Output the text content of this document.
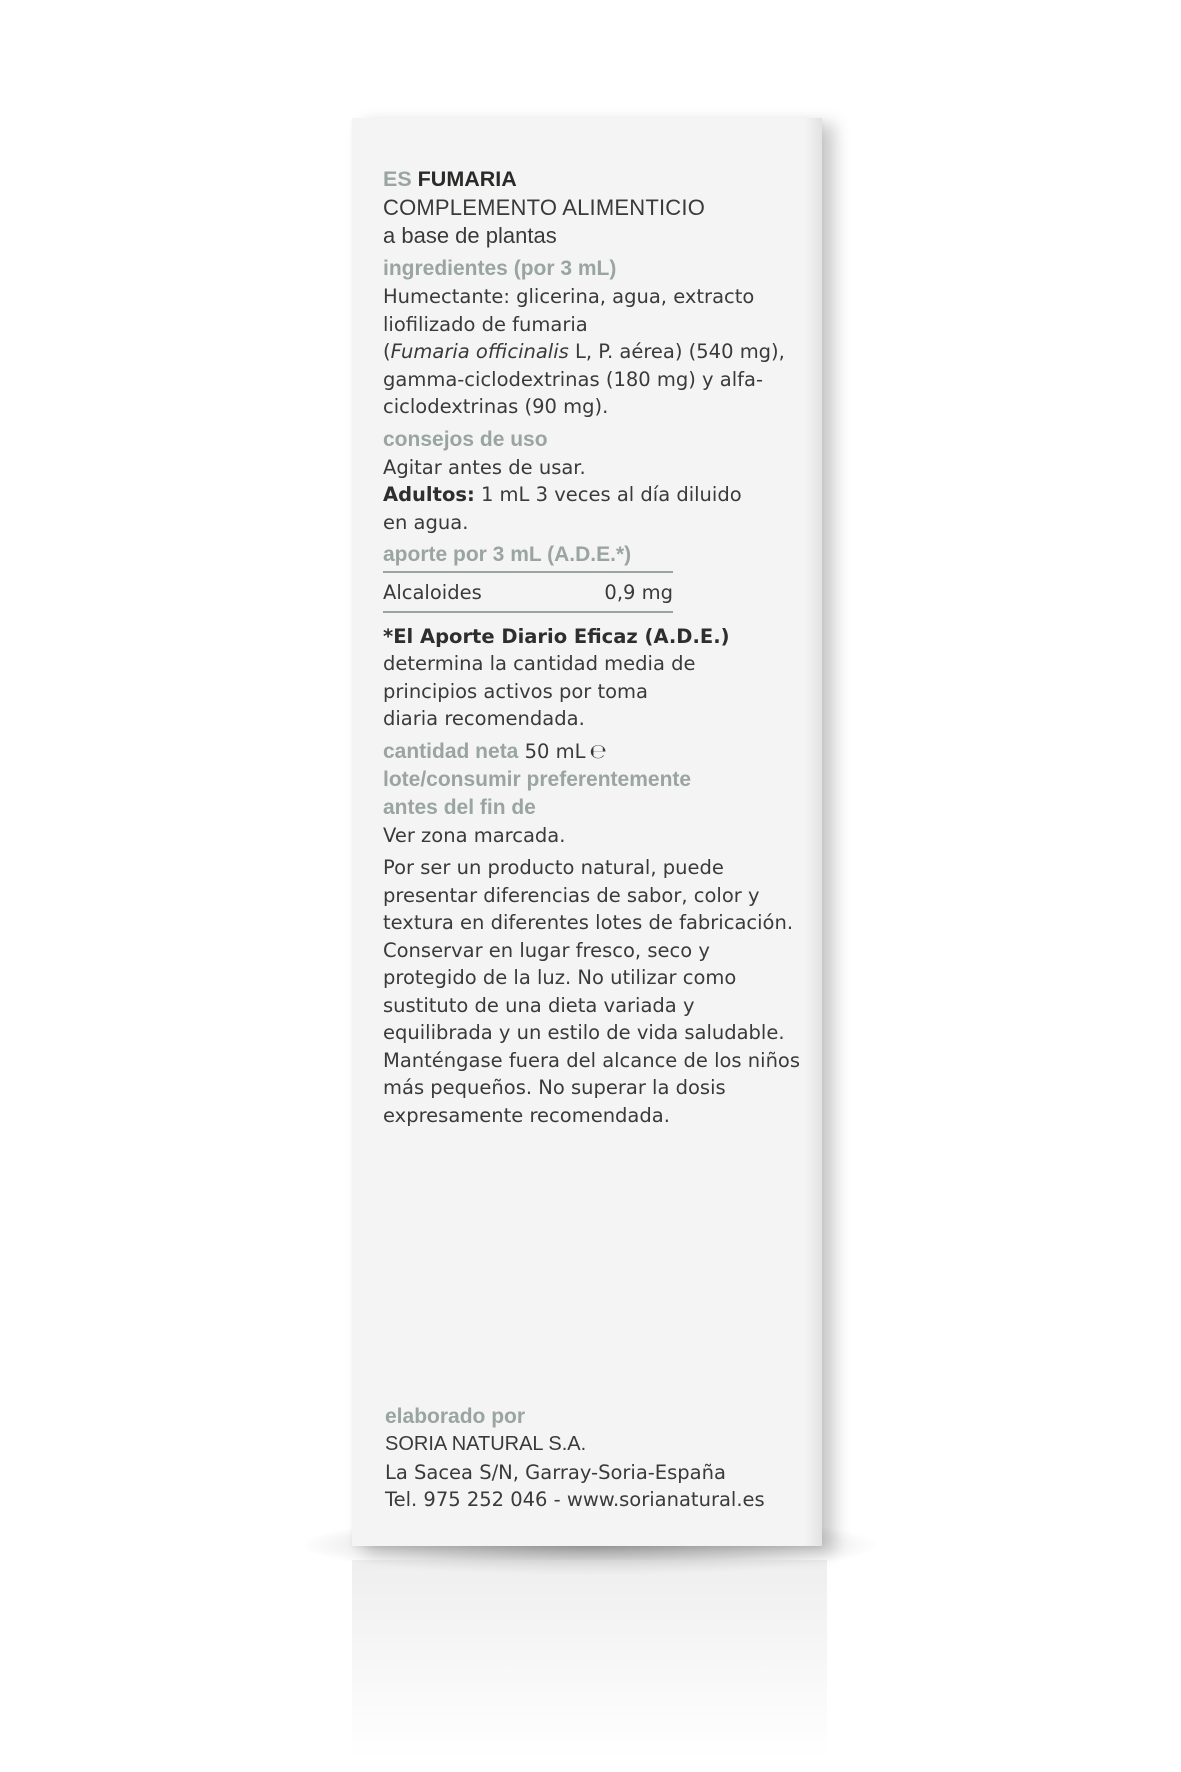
ES FUMARIA

COMPLEMENTO ALIMENTICIO

a base de plantas

ingredientes (por 3 mL)

Humectante: glicerina, agua, extracto

liofilizado de fumaria

(Fumaria officinalis L, P. aérea) (540 mg),

gamma-ciclodextrinas (180 mg) y alfa-

ciclodextrinas (90 mg).

consejos de uso

Agitar antes de usar.

Adultos: 1 mL 3 veces al día diluido

en agua.

aporte por 3 mL (A.D.E.*)

Alcaloides	0,9 mg

*El Aporte Diario Eficaz (A.D.E.)

determina la cantidad media de

principios activos por toma

diaria recomendada.

cantidad neta 50 mL ℮

lote/consumir preferentemente

antes del fin de

Ver zona marcada.

Por ser un producto natural, puede

presentar diferencias de sabor, color y

textura en diferentes lotes de fabricación.

Conservar en lugar fresco, seco y

protegido de la luz. No utilizar como

sustituto de una dieta variada y

equilibrada y un estilo de vida saludable.

Manténgase fuera del alcance de los niños

más pequeños. No superar la dosis

expresamente recomendada.

elaborado por

SORIA NATURAL S.A.

La Sacea S/N, Garray-Soria-España

Tel. 975 252 046 - www.sorianatural.es
